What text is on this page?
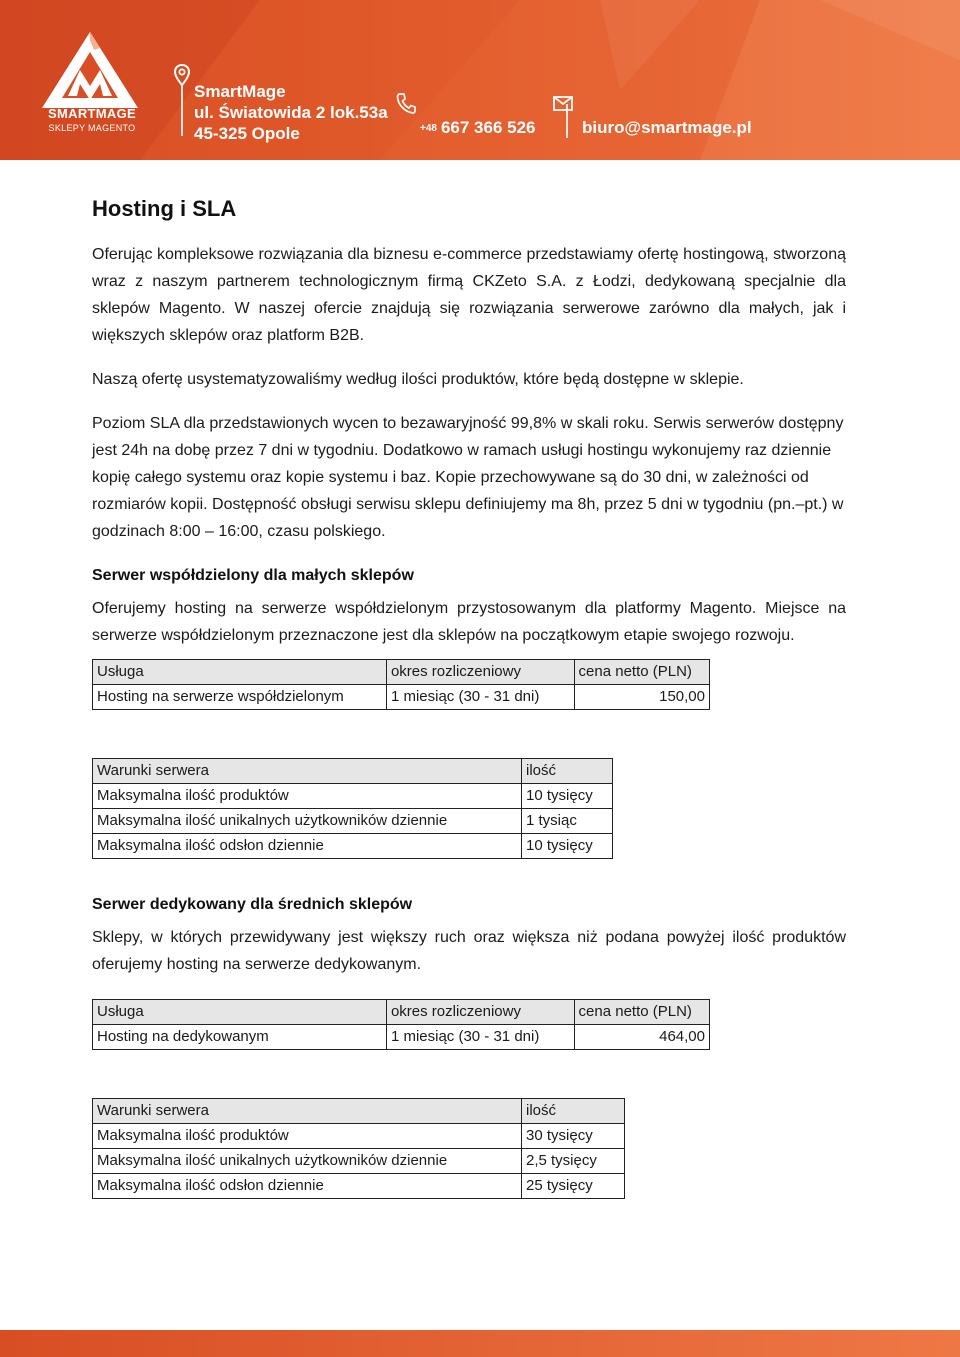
SMARTMAGE
SKLEPY MAGENTO
SmartMage
ul. Światowida 2 lok.53a
45-325 Opole	+48 667 366 526	biuro@smartmage.pl
Hosting i SLA

Oferując kompleksowe rozwiązania dla biznesu e-commerce przedstawiamy ofertę hostingową, stworzoną wraz z naszym partnerem technologicznym firmą CKZeto S.A. z Łodzi, dedykowaną specjalnie dla sklepów Magento. W naszej ofercie znajdują się rozwiązania serwerowe zarówno dla małych, jak i większych sklepów oraz platform B2B.

Naszą ofertę usystematyzowaliśmy według ilości produktów, które będą dostępne w sklepie.

Poziom SLA dla przedstawionych wycen to bezawaryjność 99,8% w skali roku. Serwis serwerów dostępny jest 24h na dobę przez 7 dni w tygodniu. Dodatkowo w ramach usługi hostingu wykonujemy raz dziennie kopię całego systemu oraz kopie systemu i baz. Kopie przechowywane są do 30 dni, w zależności od rozmiarów kopii. Dostępność obsługi serwisu sklepu definiujemy ma 8h, przez 5 dni w tygodniu (pn.–pt.) w godzinach 8:00 – 16:00, czasu polskiego.

Serwer współdzielony dla małych sklepów

Oferujemy hosting na serwerze współdzielonym przystosowanym dla platformy Magento. Miejsce na serwerze współdzielonym przeznaczone jest dla sklepów na początkowym etapie swojego rozwoju.

Usługa	okres rozliczeniowy	cena netto (PLN)
Hosting na serwerze współdzielonym	1 miesiąc (30 - 31 dni)	150,00
Warunki serwera	ilość
Maksymalna ilość produktów	10 tysięcy
Maksymalna ilość unikalnych użytkowników dziennie	1 tysiąc
Maksymalna ilość odsłon dziennie	10 tysięcy
Serwer dedykowany dla średnich sklepów

Sklepy, w których przewidywany jest większy ruch oraz większa niż podana powyżej ilość produktów oferujemy hosting na serwerze dedykowanym.

Usługa	okres rozliczeniowy	cena netto (PLN)
Hosting na dedykowanym	1 miesiąc (30 - 31 dni)	464,00
Warunki serwera	ilość
Maksymalna ilość produktów	30 tysięcy
Maksymalna ilość unikalnych użytkowników dziennie	2,5 tysięcy
Maksymalna ilość odsłon dziennie	25 tysięcy
